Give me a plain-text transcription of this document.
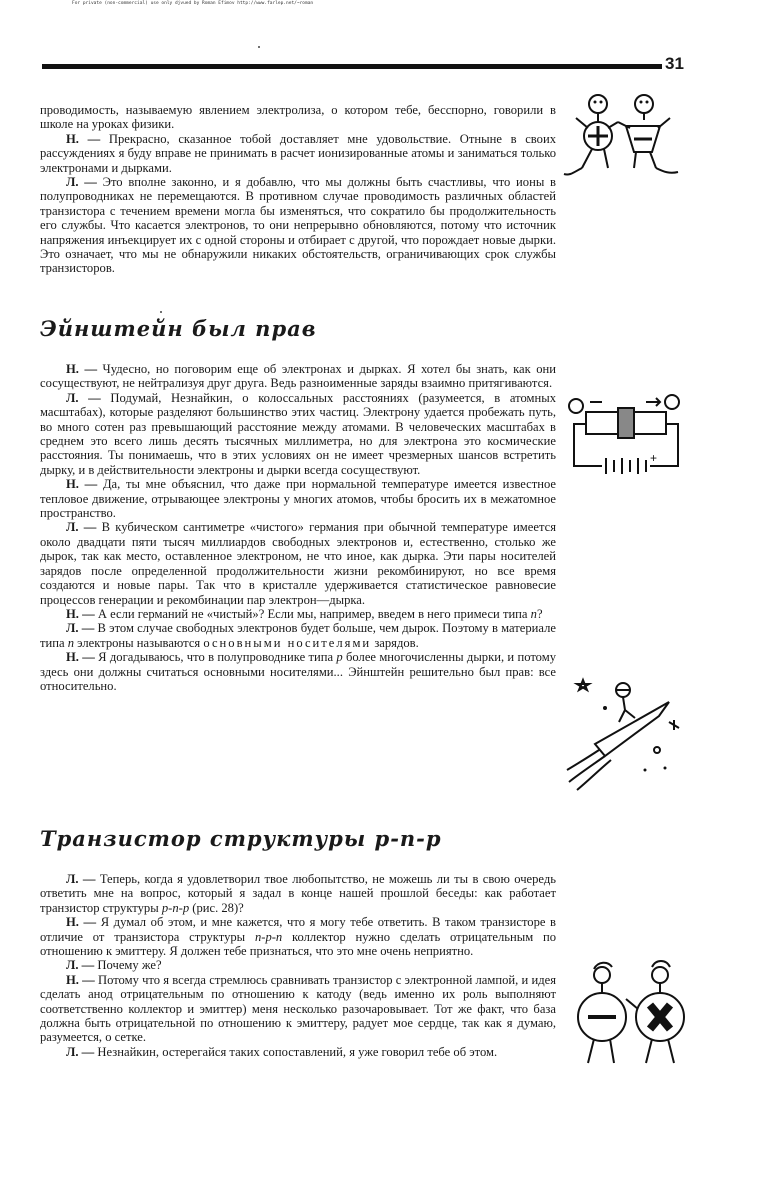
For private (non-commercial) use only djvued by Roman Efimov http://www.farlep.net/~roman
31

проводимость, называемую явлением электролиза, о котором тебе, бесспорно, говорили в школе на уроках физики.

Н. — Прекрасно, сказанное тобой доставляет мне удовольствие. Отныне в своих рассуждениях я буду вправе не принимать в расчет ионизированные атомы и заниматься только электронами и дырками.

Л. — Это вполне законно, и я добавлю, что мы должны быть счастливы, что ионы в полупроводниках не перемещаются. В противном случае проводимость различных областей транзистора с течением времени могла бы изменяться, что сократило бы продолжительность его службы. Что касается электронов, то они непрерывно обновляются, потому что источник напряжения инъекцирует их с одной стороны и отбирает с другой, что порождает новые дырки. Это означает, что мы не обнаружили никаких обстоятельств, ограничивающих срок службы транзисторов.

Эйнштейн был прав

Н. — Чудесно, но поговорим еще об электронах и дырках. Я хотел бы знать, как они сосуществуют, не нейтрализуя друг друга. Ведь разноименные заряды взаимно притягиваются.

Л. — Подумай, Незнайкин, о колоссальных расстояниях (разумеется, в атомных масштабах), которые разделяют большинство этих частиц. Электрону удается пробежать путь, во много сотен раз превышающий расстояние между атомами. В человеческих масштабах в среднем это всего лишь десять тысячных миллиметра, но для электрона это космические расстояния. Ты понимаешь, что в этих условиях он не имеет чрезмерных шансов встретить дырку, и в действительности электроны и дырки всегда сосуществуют.

Н. — Да, ты мне объяснил, что даже при нормальной температуре имеется известное тепловое движение, отрывающее электроны у многих атомов, чтобы бросить их в межатомное пространство.

Л. — В кубическом сантиметре «чистого» германия при обычной температуре имеется около двадцати пяти тысяч миллиардов свободных электронов и, естественно, столько же дырок, так как место, оставленное электроном, не что иное, как дырка. Эти пары носителей зарядов после определенной продолжительности жизни рекомбинируют, но все время создаются и новые пары. Так что в кристалле удерживается статистическое равновесие процессов генерации и рекомбинации пар электрон—дырка.

Н. — А если германий не «чистый»? Если мы, например, введем в него примеси типа n?

Л. — В этом случае свободных электронов будет больше, чем дырок. Поэтому в материале типа n электроны называются основными носителями зарядов.

Н. — Я догадываюсь, что в полупроводнике типа р более многочисленны дырки, и потому здесь они должны считаться основными носителями... Эйнштейн решительно был прав: все относительно.

Транзистор структуры р-п-р

Л. — Теперь, когда я удовлетворил твое любопытство, не можешь ли ты в свою очередь ответить мне на вопрос, который я задал в конце нашей прошлой беседы: как работает транзистор структуры р-п-р (рис. 28)?

Н. — Я думал об этом, и мне кажется, что я могу тебе ответить. В таком транзисторе в отличие от транзистора структуры п-р-п коллектор нужно сделать отрицательным по отношению к эмиттеру. Я должен тебе признаться, что это мне очень неприятно.

Л. — Почему же?

Н. — Потому что я всегда стремлюсь сравнивать транзистор с электронной лампой, и идея сделать анод отрицательным по отношению к катоду (ведь именно их роль выполняют соответственно коллектор и эмиттер) меня несколько разочаровывает. Тот же факт, что база должна быть отрицательной по отношению к эмиттеру, радует мое сердце, так как я думаю, разумеется, о сетке.

Л. — Незнайкин, остерегайся таких сопоставлений, я уже говорил тебе об этом.

−
+
